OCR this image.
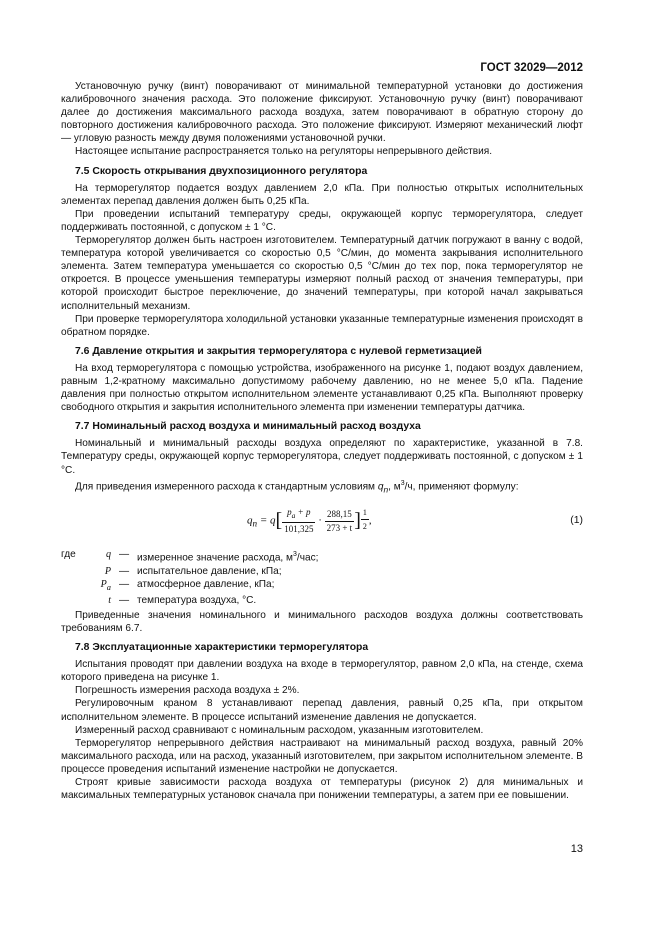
ГОСТ 32029—2012

Установочную ручку (винт) поворачивают от минимальной температурной установки до достижения калибровочного значения расхода. Это положение фиксируют. Установочную ручку (винт) поворачивают далее до достижения максимального расхода воздуха, затем поворачивают в обратную сторону до повторного достижения калибровочного расхода. Это положение фиксируют. Измеряют механический люфт — угловую разность между двумя положениями установочной ручки.

Настоящее испытание распространяется только на регуляторы непрерывного действия.

7.5 Скорость открывания двухпозиционного регулятора

На терморегулятор подается воздух давлением 2,0 кПа. При полностью открытых исполнительных элементах перепад давления должен быть 0,25 кПа.

При проведении испытаний температуру среды, окружающей корпус терморегулятора, следует поддерживать постоянной, с допуском ± 1 °С.

Терморегулятор должен быть настроен изготовителем. Температурный датчик погружают в ванну с водой, температура которой увеличивается со скоростью 0,5 °С/мин, до момента закрывания исполнительного элемента. Затем температура уменьшается со скоростью 0,5 °С/мин до тех пор, пока терморегулятор не откроется. В процессе уменьшения температуры измеряют полный расход от значения температуры, при которой происходит быстрое переключение, до значений температуры, при которой начал закрываться исполнительный механизм.

При проверке терморегулятора холодильной установки указанные температурные изменения происходят в обратном порядке.

7.6 Давление открытия и закрытия терморегулятора с нулевой герметизацией

На вход терморегулятора с помощью устройства, изображенного на рисунке 1, подают воздух давлением, равным 1,2-кратному максимально допустимому рабочему давлению, но не менее 5,0 кПа. Падение давления при полностью открытом исполнительном элементе устанавливают 0,25 кПа. Выполняют проверку свободного открытия и закрытия исполнительного элемента при изменении температуры датчика.

7.7 Номинальный расход воздуха и минимальный расход воздуха

Номинальный и минимальный расходы воздуха определяют по характеристике, указанной в 7.8. Температуру среды, окружающей корпус терморегулятора, следует поддерживать постоянной, с допуском ± 1 °С.

Для приведения измеренного расхода к стандартным условиям $q_n$, $м^3/ч$, применяют формулу:

$q_n = q[ \frac{p_a + p}{101,325} \cdot \frac{288,15}{273 + t}$ ] $\frac{1}{2}$ ,	(1)
где	q — измеренное значение расхода, $м^3$/час;
P — испытательное давление, кПа;
$P_a$ — атмосферное давление, кПа;
t — температура воздуха, °С.

Приведенные значения номинального и минимального расходов воздуха должны соответствовать требованиям 6.7.

7.8 Эксплуатационные характеристики терморегулятора

Испытания проводят при давлении воздуха на входе в терморегулятор, равном 2,0 кПа, на стенде, схема которого приведена на рисунке 1.

Погрешность измерения расхода воздуха ± 2%.

Регулировочным краном 8 устанавливают перепад давления, равный 0,25 кПа, при открытом исполнительном элементе. В процессе испытаний изменение давления не допускается.

Измеренный расход сравнивают с номинальным расходом, указанным изготовителем.

Терморегулятор непрерывного действия настраивают на минимальный расход воздуха, равный 20% максимального расхода, или на расход, указанный изготовителем, при закрытом исполнительном элементе. В процессе проведения испытаний изменение настройки не допускается.

Строят кривые зависимости расхода воздуха от температуры (рисунок 2) для минимальных и максимальных температурных установок сначала при понижении температуры, а затем при ее повышении.

13
